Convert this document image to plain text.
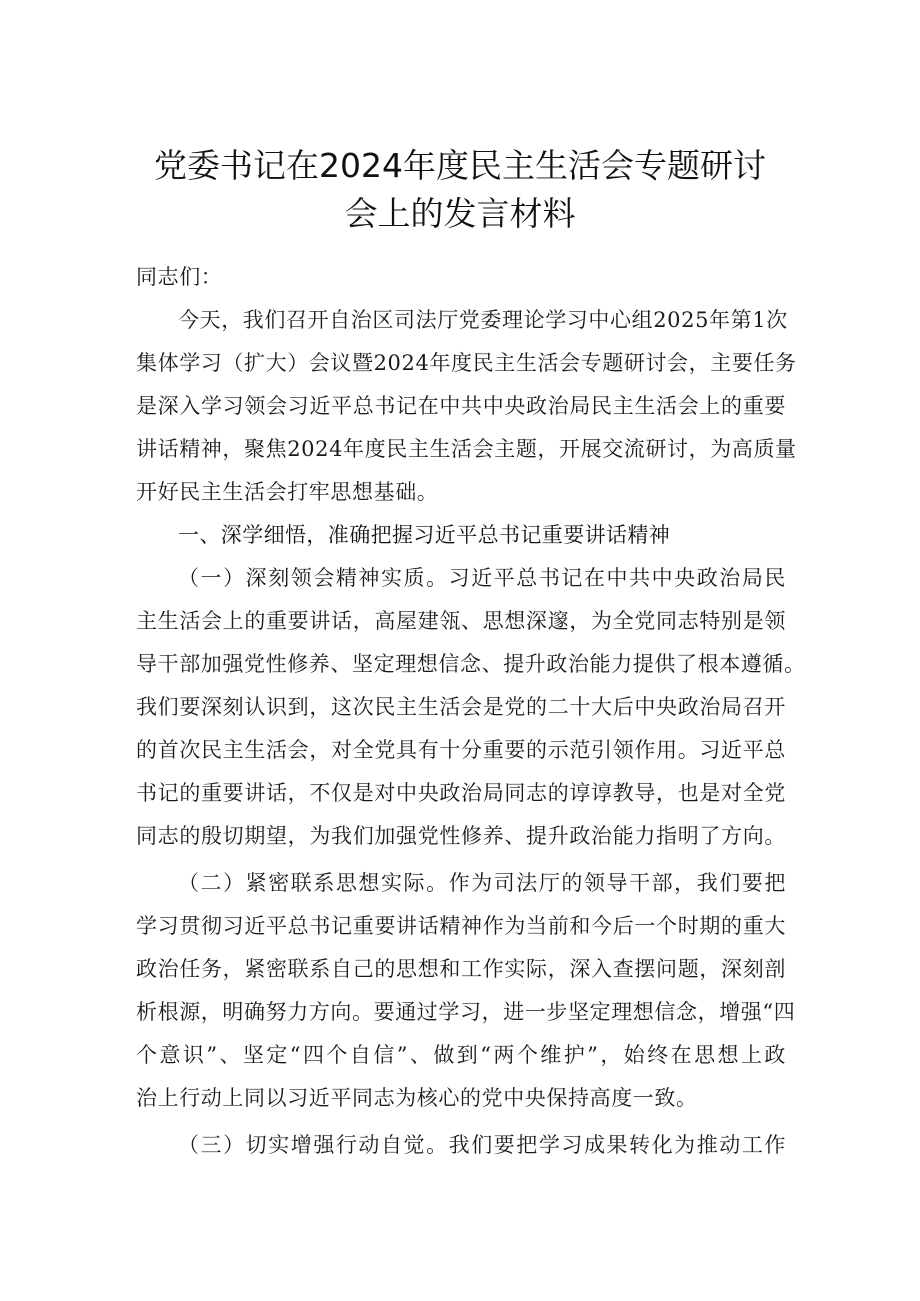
党委书记在2024年度民主生活会专题研讨
会上的发言材料
同志们：
今天，我们召开自治区司法厅党委理论学习中心组2025年第1次
集体学习（扩大）会议暨2024年度民主生活会专题研讨会，主要任务
是深入学习领会习近平总书记在中共中央政治局民主生活会上的重要
讲话精神，聚焦2024年度民主生活会主题，开展交流研讨，为高质量
开好民主生活会打牢思想基础。
一、深学细悟，准确把握习近平总书记重要讲话精神
（一）深刻领会精神实质。习近平总书记在中共中央政治局民
主生活会上的重要讲话，高屋建瓴、思想深邃，为全党同志特别是领
导干部加强党性修养、坚定理想信念、提升政治能力提供了根本遵循。
我们要深刻认识到，这次民主生活会是党的二十大后中央政治局召开
的首次民主生活会，对全党具有十分重要的示范引领作用。习近平总
书记的重要讲话，不仅是对中央政治局同志的谆谆教导，也是对全党
同志的殷切期望，为我们加强党性修养、提升政治能力指明了方向。
（二）紧密联系思想实际。作为司法厅的领导干部，我们要把
学习贯彻习近平总书记重要讲话精神作为当前和今后一个时期的重大
政治任务，紧密联系自己的思想和工作实际，深入查摆问题，深刻剖
析根源，明确努力方向。要通过学习，进一步坚定理想信念，增强“四
个意识”、坚定“四个自信”、做到“两个维护”，始终在思想上政
治上行动上同以习近平同志为核心的党中央保持高度一致。
（三）切实增强行动自觉。我们要把学习成果转化为推动工作
